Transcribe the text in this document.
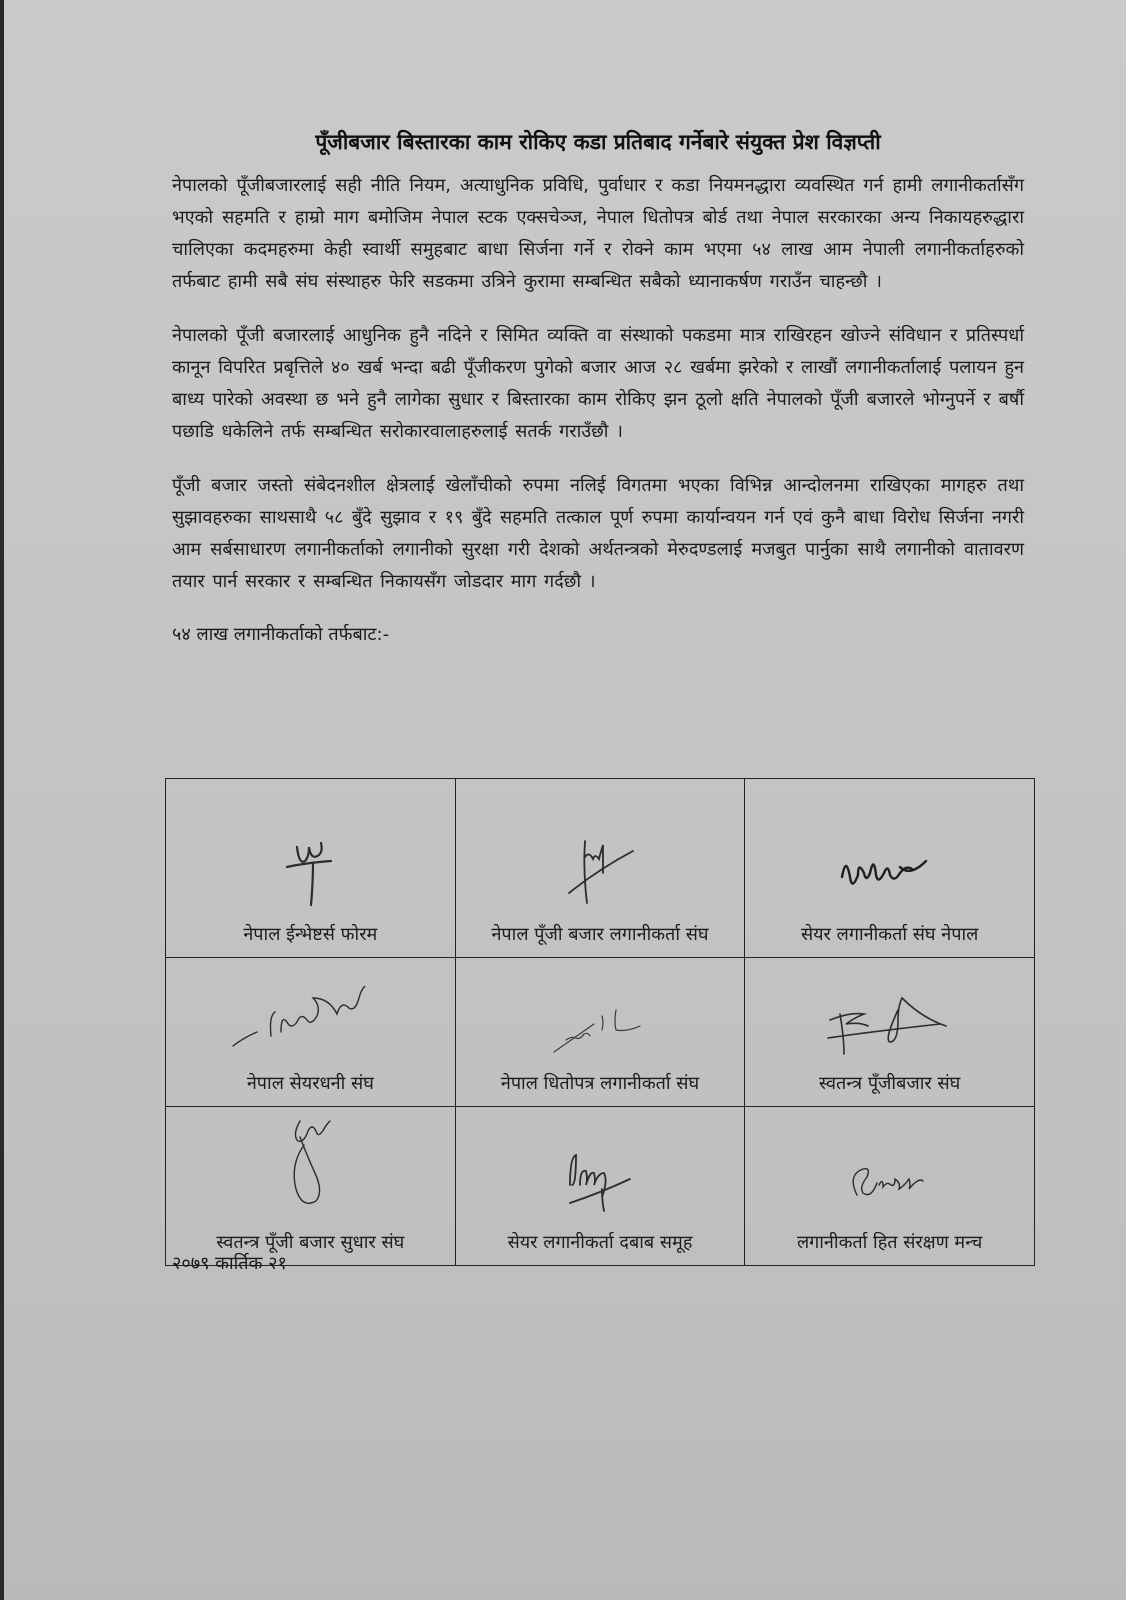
पूँजीबजार बिस्तारका काम रोकिए कडा प्रतिबाद गर्नेबारे संयुक्त प्रेश विज्ञप्ती

नेपालको पूँजीबजारलाई सही नीति नियम, अत्याधुनिक प्रविधि, पुर्वाधार र कडा नियमनद्धारा व्यवस्थित गर्न हामी लगानीकर्तासँग भएको सहमति र हाम्रो माग बमोजिम नेपाल स्टक एक्सचेञ्ज, नेपाल धितोपत्र बोर्ड तथा नेपाल सरकारका अन्य निकायहरुद्धारा चालिएका कदमहरुमा केही स्वार्थी समुहबाट बाधा सिर्जना गर्ने र रोक्ने काम भएमा ५४ लाख आम नेपाली लगानीकर्ताहरुको तर्फबाट हामी सबै संघ संस्थाहरु फेरि सडकमा उत्रिने कुरामा सम्बन्धित सबैको ध्यानाकर्षण गराउँन चाहन्छौ ।

नेपालको पूँजी बजारलाई आधुनिक हुनै नदिने र सिमित व्यक्ति वा संस्थाको पकडमा मात्र राखिरहन खोज्ने संविधान र प्रतिस्पर्धा कानून विपरित प्रबृत्तिले ४० खर्ब भन्दा बढी पूँजीकरण पुगेको बजार आज २८ खर्बमा झरेको र लाखौं लगानीकर्तालाई पलायन हुन बाध्य पारेको अवस्था छ भने हुनै लागेका सुधार र बिस्तारका काम रोकिए झन ठूलो क्षति नेपालको पूँजी बजारले भोग्नुपर्ने र बर्षौ पछाडि धकेलिने तर्फ सम्बन्धित सरोकारवालाहरुलाई सतर्क गराउँछौ ।

पूँजी बजार जस्तो संबेदनशील क्षेत्रलाई खेलाँचीको रुपमा नलिई विगतमा भएका विभिन्न आन्दोलनमा राखिएका मागहरु तथा सुझावहरुका साथसाथै ५८ बुँदे सुझाव र १९ बुँदे सहमति तत्काल पूर्ण रुपमा कार्यान्वयन गर्न एवं कुनै बाधा विरोध सिर्जना नगरी आम सर्बसाधारण लगानीकर्ताको लगानीको सुरक्षा गरी देशको अर्थतन्त्रको मेरुदण्डलाई मजबुत पार्नुका साथै लगानीको वातावरण तयार पार्न सरकार र सम्बन्धित निकायसँग जोडदार माग गर्दछौ ।

५४ लाख लगानीकर्ताको तर्फबाट:-

नेपाल ईन्भेष्टर्स फोरम	नेपाल पूँजी बजार लगानीकर्ता संघ	सेयर लगानीकर्ता संघ नेपाल

नेपाल सेयरधनी संघ	नेपाल धितोपत्र लगानीकर्ता संघ	स्वतन्त्र पूँजीबजार संघ

स्वतन्त्र पूँजी बजार सुधार संघ	सेयर लगानीकर्ता दबाब समूह	लगानीकर्ता हित संरक्षण मन्च
२०७९ कार्तिक २१
